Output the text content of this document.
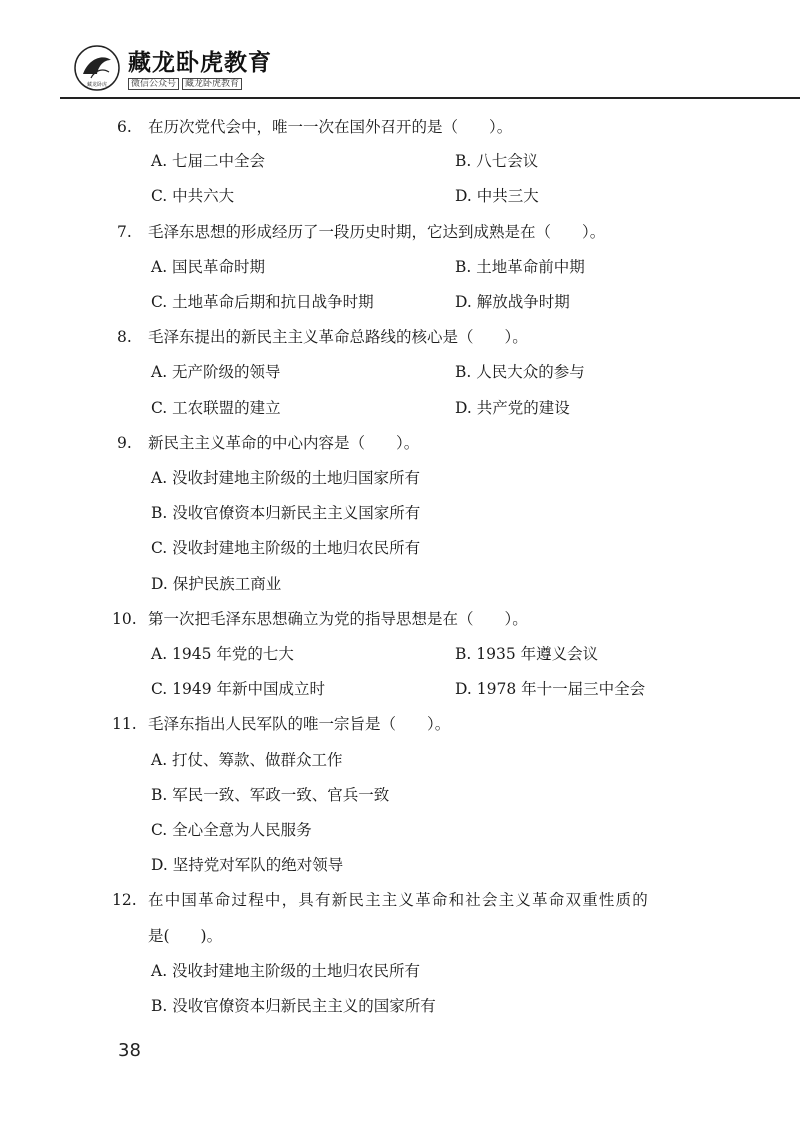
藏龙卧虎
藏龙卧虎教育
微信公众号 藏龙卧虎教育
6. 在历次党代会中，唯一一次在国外召开的是（　　）。
A. 七届二中全会	B. 八七会议
C. 中共六大	D. 中共三大
7. 毛泽东思想的形成经历了一段历史时期，它达到成熟是在（　　）。
A. 国民革命时期	B. 土地革命前中期
C. 土地革命后期和抗日战争时期	D. 解放战争时期
8. 毛泽东提出的新民主主义革命总路线的核心是（　　）。
A. 无产阶级的领导	B. 人民大众的参与
C. 工农联盟的建立	D. 共产党的建设
9. 新民主主义革命的中心内容是（　　）。
A. 没收封建地主阶级的土地归国家所有
B. 没收官僚资本归新民主主义国家所有
C. 没收封建地主阶级的土地归农民所有
D. 保护民族工商业
10. 第一次把毛泽东思想确立为党的指导思想是在（　　）。
A. 1945 年党的七大	B. 1935 年遵义会议
C. 1949 年新中国成立时	D. 1978 年十一届三中全会
11. 毛泽东指出人民军队的唯一宗旨是（　　）。
A. 打仗、筹款、做群众工作
B. 军民一致、军政一致、官兵一致
C. 全心全意为人民服务
D. 坚持党对军队的绝对领导
12. 在中国革命过程中，具有新民主主义革命和社会主义革命双重性质的
是(　　)。
A. 没收封建地主阶级的土地归农民所有
B. 没收官僚资本归新民主主义的国家所有
38
